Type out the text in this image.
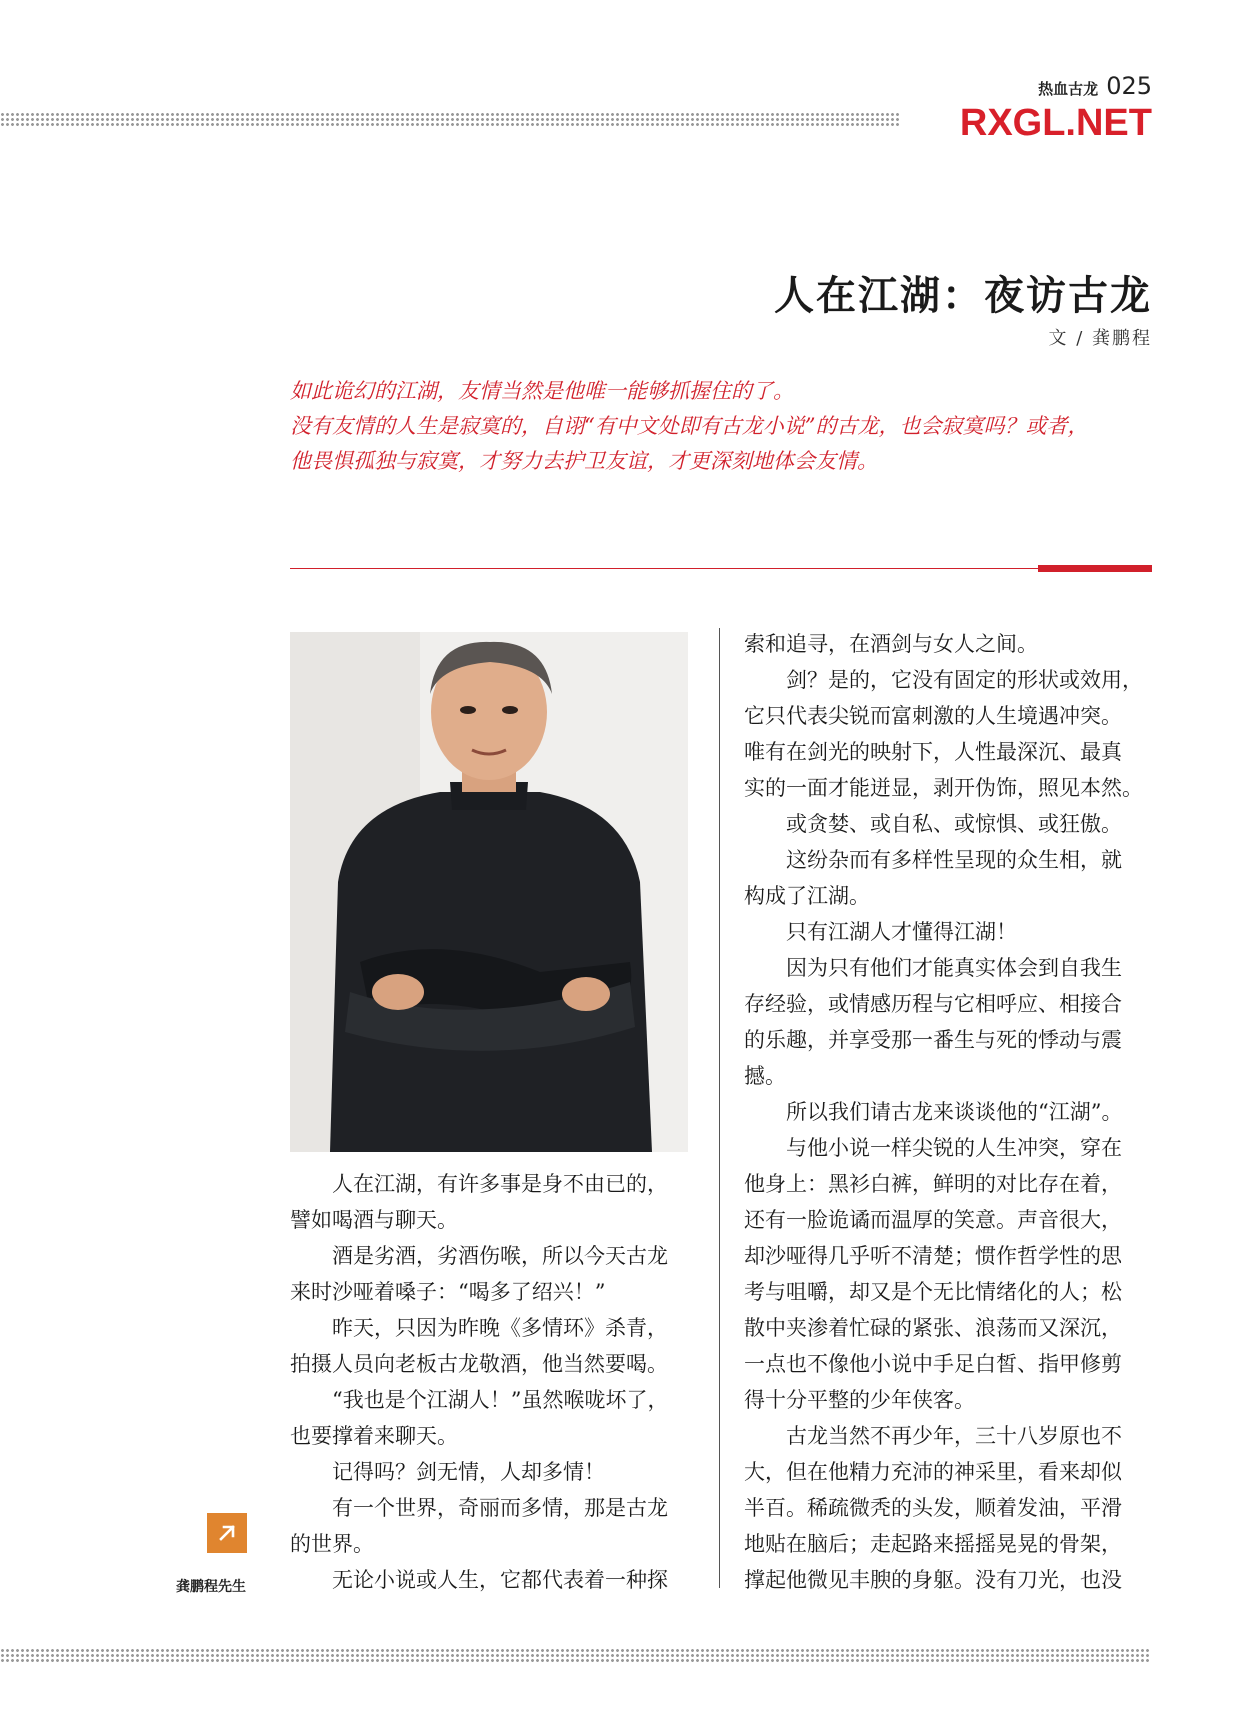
热血古龙 025
RXGL.NET
人在江湖：夜访古龙
文 / 龚鹏程

如此诡幻的江湖，友情当然是他唯一能够抓握住的了。

没有友情的人生是寂寞的，自诩“有中文处即有古龙小说”的古龙，也会寂寞吗？或者，

他畏惧孤独与寂寞，才努力去护卫友谊，才更深刻地体会友情。

　　人在江湖，有许多事是身不由已的，

譬如喝酒与聊天。

　　酒是劣酒，劣酒伤喉，所以今天古龙

来时沙哑着嗓子：“喝多了绍兴！”

　　昨天，只因为昨晚《多情环》杀青，

拍摄人员向老板古龙敬酒，他当然要喝。

　　“我也是个江湖人！”虽然喉咙坏了，

也要撑着来聊天。

　　记得吗？剑无情，人却多情！

　　有一个世界，奇丽而多情，那是古龙

的世界。

　　无论小说或人生，它都代表着一种探

索和追寻，在酒剑与女人之间。

　　剑？是的，它没有固定的形状或效用，

它只代表尖锐而富刺激的人生境遇冲突。

唯有在剑光的映射下，人性最深沉、最真

实的一面才能迸显，剥开伪饰，照见本然。

　　或贪婪、或自私、或惊惧、或狂傲。

　　这纷杂而有多样性呈现的众生相，就

构成了江湖。

　　只有江湖人才懂得江湖！

　　因为只有他们才能真实体会到自我生

存经验，或情感历程与它相呼应、相接合

的乐趣，并享受那一番生与死的悸动与震

撼。

　　所以我们请古龙来谈谈他的“江湖”。

　　与他小说一样尖锐的人生冲突，穿在

他身上：黑衫白裤，鲜明的对比存在着，

还有一脸诡谲而温厚的笑意。声音很大，

却沙哑得几乎听不清楚；惯作哲学性的思

考与咀嚼，却又是个无比情绪化的人；松

散中夹渗着忙碌的紧张、浪荡而又深沉，

一点也不像他小说中手足白皙、指甲修剪

得十分平整的少年侠客。

　　古龙当然不再少年，三十八岁原也不

大，但在他精力充沛的神采里，看来却似

半百。稀疏微秃的头发，顺着发油，平滑

地贴在脑后；走起路来摇摇晃晃的骨架，

撑起他微见丰腴的身躯。没有刀光，也没

龚鹏程先生
